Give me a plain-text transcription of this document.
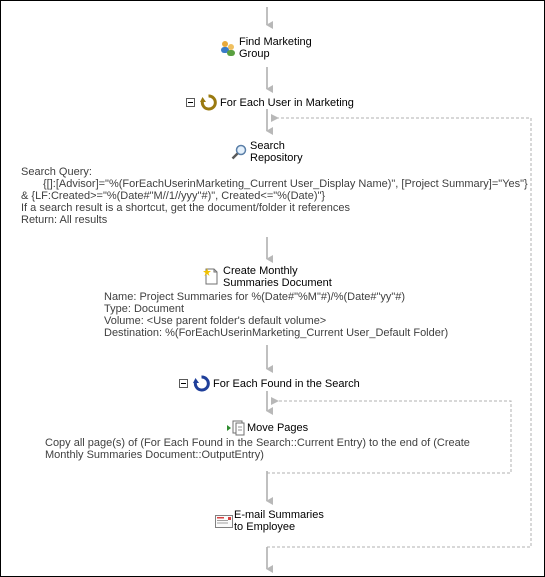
Find Marketing
Group
For Each User in Marketing
Search
Repository
Search Query:
{[]:[Advisor]="%(ForEachUserinMarketing_Current User_Display Name)", [Project Summary]="Yes"}
& {LF:Created>="%(Date#"M//1//yyy"#)", Created<="%(Date)"}
If a search result is a shortcut, get the document/folder it references
Return: All results
Create Monthly
Summaries Document
Name: Project Summaries for %(Date#"%M"#)/%(Date#"yy"#)
Type: Document
Volume: <Use parent folder's default volume>
Destination: %(ForEachUserinMarketing_Current User_Default Folder)
For Each Found in the Search
Move Pages
Copy all page(s) of (For Each Found in the Search::Current Entry) to the end of (Create Monthly Summaries Document::OutputEntry)
E-mail Summaries
to Employee
